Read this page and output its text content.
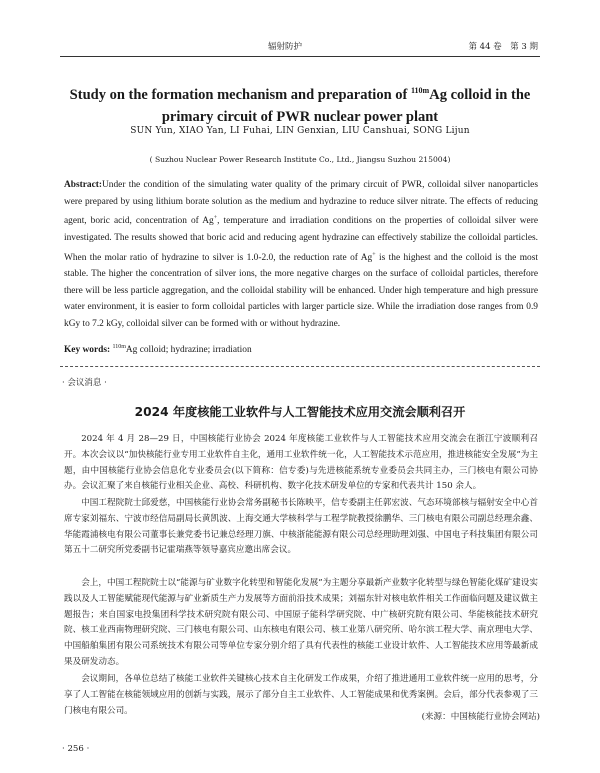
辐射防护	第 44 卷　第 3 期
Study on the formation mechanism and preparation of $^{110m}$Ag colloid in the primary circuit of PWR nuclear power plant
SUN Yun, XIAO Yan, LI Fuhai, LIN Genxian, LIU Canshuai, SONG Lijun
( Suzhou Nuclear Power Research Institute Co., Ltd., Jiangsu Suzhou 215004)
Abstract:Under the condition of the simulating water quality of the primary circuit of PWR, colloidal silver nanoparticles were prepared by using lithium borate solution as the medium and hydrazine to reduce silver nitrate. The effects of reducing agent, boric acid, concentration of Ag+, temperature and irradiation conditions on the properties of colloidal silver were investigated. The results showed that boric acid and reducing agent hydrazine can effectively stabilize the colloidal particles. When the molar ratio of hydrazine to silver is 1.0-2.0, the reduction rate of Ag+ is the highest and the colloid is the most stable. The higher the concentration of silver ions, the more negative charges on the surface of colloidal particles, therefore there will be less particle aggregation, and the colloidal stability will be enhanced. Under high temperature and high pressure water environment, it is easier to form colloidal particles with larger particle size. While the irradiation dose ranges from 0.9 kGy to 7.2 kGy, colloidal silver can be formed with or without hydrazine.
Key words: $^{110m}$Ag colloid; hydrazine; irradiation
· 会议消息 ·
2024 年度核能工业软件与人工智能技术应用交流会顺利召开
2024 年 4 月 28—29 日，中国核能行业协会 2024 年度核能工业软件与人工智能技术应用交流会在浙江宁波顺利召开。本次会议以“加快核能行业专用工业软件自主化，通用工业软件统一化，人工智能技术示范应用，推进核能安全发展”为主题，由中国核能行业协会信息化专业委员会(以下简称：信专委)与先进核能系统专业委员会共同主办，三门核电有限公司协办。会议汇聚了来自核能行业相关企业、高校、科研机构、数字化技术研发单位的专家和代表共计 150 余人。
中国工程院院士邱爱慈，中国核能行业协会常务副秘书长陈映平，信专委副主任郭宏波、气态环境部核与辐射安全中心首席专家刘福东、宁波市经信局副局长黄凯波、上海交通大学核科学与工程学院教授徐鹏华、三门核电有限公司副总经理余鑫、华能霞浦核电有限公司董事长兼党委书记兼总经理刀旗、中核浙能能源有限公司总经理助理刘强、中国电子科技集团有限公司第五十二研究所党委副书记霍瑞燕等领导嘉宾应邀出席会议。
会上，中国工程院院士以“能源与矿业数字化转型和智能化发展”为主题分享最新产业数字化转型与绿色智能化煤矿建设实践以及人工智能赋能现代能源与矿业新质生产力发展等方面前沿技术成果；刘福东针对核电软件相关工作面临问题及建议做主题报告；来自国家电投集团科学技术研究院有限公司、中国原子能科学研究院、中广核研究院有限公司、华能核能技术研究院、核工业西南物理研究院、三门核电有限公司、山东核电有限公司、核工业第八研究所、哈尔滨工程大学、南京理电大学、中国船舶集团有限公司系统技术有限公司等单位专家分别介绍了具有代表性的核能工业设计软件、人工智能技术应用等最新成果及研发动态。
会议期间，各单位总结了核能工业软件关键核心技术自主化研发工作成果，介绍了推进通用工业软件统一应用的思考，分享了人工智能在核能领域应用的创新与实践，展示了部分自主工业软件、人工智能成果和优秀案例。会后，部分代表参观了三门核电有限公司。
(来源：中国核能行业协会网站)
· 256 ·
